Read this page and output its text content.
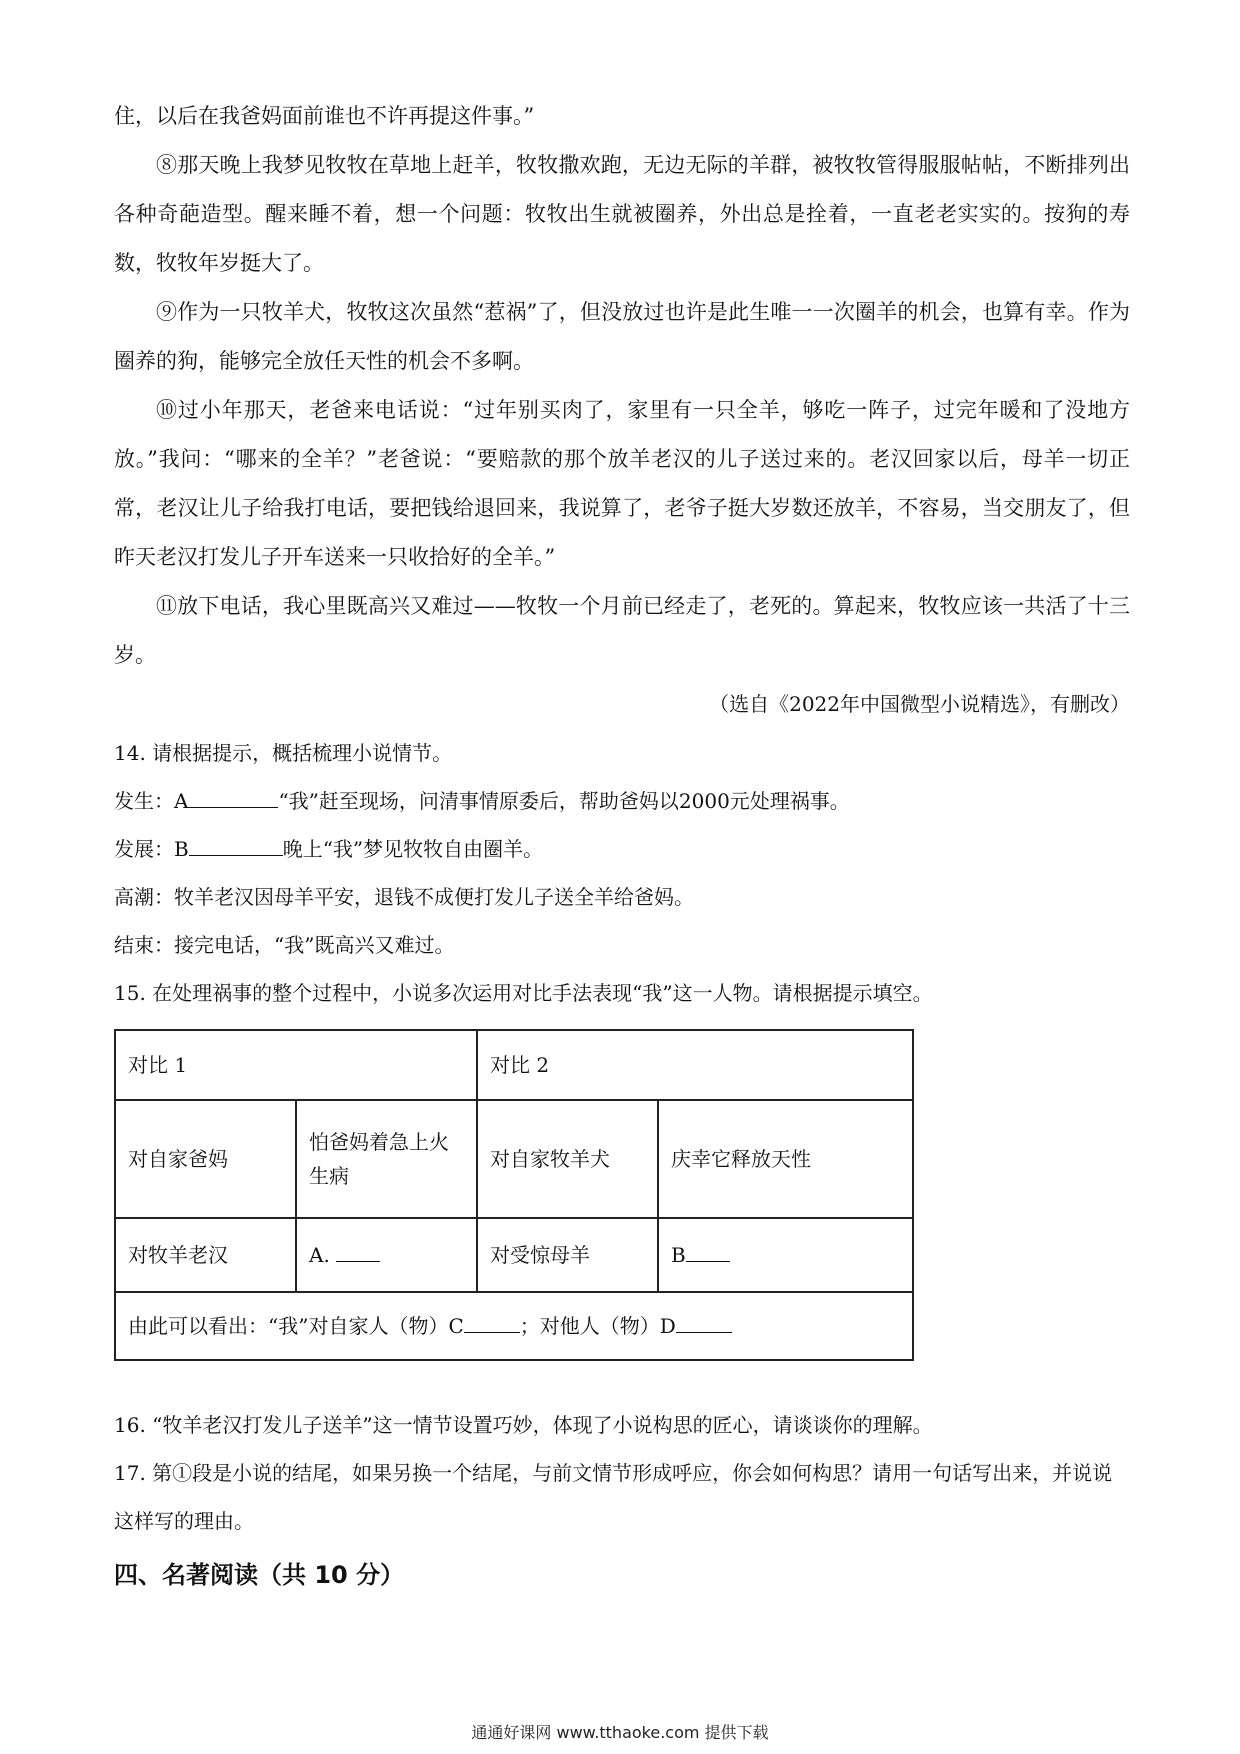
住，以后在我爸妈面前谁也不许再提这件事。”

⑧那天晚上我梦见牧牧在草地上赶羊，牧牧撒欢跑，无边无际的羊群，被牧牧管得服服帖帖，不断排列出各种奇葩造型。醒来睡不着，想一个问题：牧牧出生就被圈养，外出总是拴着，一直老老实实的。按狗的寿数，牧牧年岁挺大了。

⑨作为一只牧羊犬，牧牧这次虽然“惹祸”了，但没放过也许是此生唯一一次圈羊的机会，也算有幸。作为圈养的狗，能够完全放任天性的机会不多啊。

⑩过小年那天，老爸来电话说：“过年别买肉了，家里有一只全羊，够吃一阵子，过完年暖和了没地方放。”我问：“哪来的全羊？”老爸说：“要赔款的那个放羊老汉的儿子送过来的。老汉回家以后，母羊一切正常，老汉让儿子给我打电话，要把钱给退回来，我说算了，老爷子挺大岁数还放羊，不容易，当交朋友了，但昨天老汉打发儿子开车送来一只收拾好的全羊。”

⑪放下电话，我心里既高兴又难过——牧牧一个月前已经走了，老死的。算起来，牧牧应该一共活了十三岁。

（选自《2022年中国微型小说精选》，有删改）

14. 请根据提示，概括梳理小说情节。

发生：A	“我”赶至现场，问清事情原委后，帮助爸妈以2000元处理祸事。

发展：B	晚上“我”梦见牧牧自由圈羊。

高潮：牧羊老汉因母羊平安，退钱不成便打发儿子送全羊给爸妈。

结束：接完电话，“我”既高兴又难过。

15. 在处理祸事的整个过程中，小说多次运用对比手法表现“我”这一人物。请根据提示填空。

对比 1		对比 2	
对自家爸妈	怕爸妈着急上火生病	对自家牧羊犬	庆幸它释放天性
对牧羊老汉	A.	对受惊母羊	B
由此可以看出：“我”对自家人（物）C ；对他人（物）D			

16. “牧羊老汉打发儿子送羊”这一情节设置巧妙，体现了小说构思的匠心，请谈谈你的理解。

17. 第①段是小说的结尾，如果另换一个结尾，与前文情节形成呼应，你会如何构思？请用一句话写出来，并说说这样写的理由。

四、名著阅读（共 10 分）

通通好课网 www.tthaoke.com 提供下载
